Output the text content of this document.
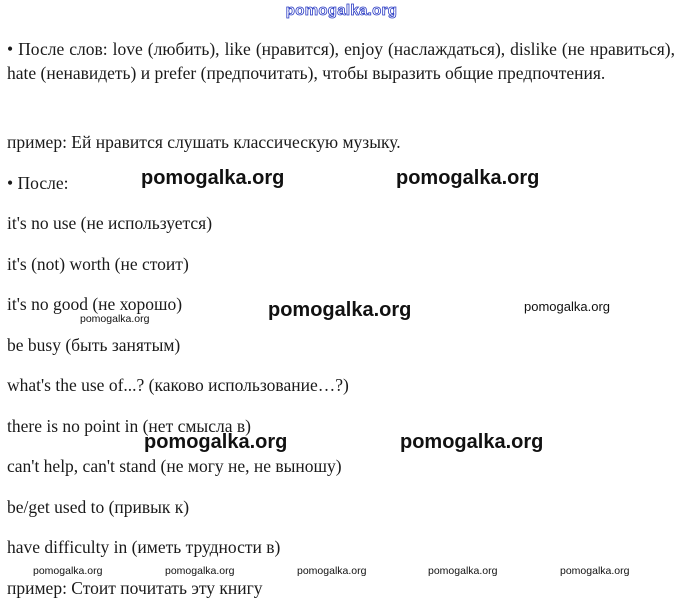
pomogalka.org
• После слов: love (любить), like (нравится), enjoy (наслаждаться), dislike (не нравиться), hate (ненавидеть) и prefer (предпочитать), чтобы выразить общие предпочтения.
пример: Ей нравится слушать классическую музыку.
• После:
it's no use (не используется)
it's (not) worth (не стоит)
it's no good (не хорошо)
be busy (быть занятым)
what's the use of...? (каково использование…?)
there is no point in (нет смысла в)
can't help, can't stand (не могу не, не выношу)
be/get used to (привык к)
have difficulty in (иметь трудности в)
пример: Стоит почитать эту книгу
pomogalka.org	pomogalka.org
pomogalka.org
pomogalka.org	pomogalka.org
pomogalka.org
pomogalka.org
pomogalka.org	pomogalka.org	pomogalka.org	pomogalka.org	pomogalka.org
